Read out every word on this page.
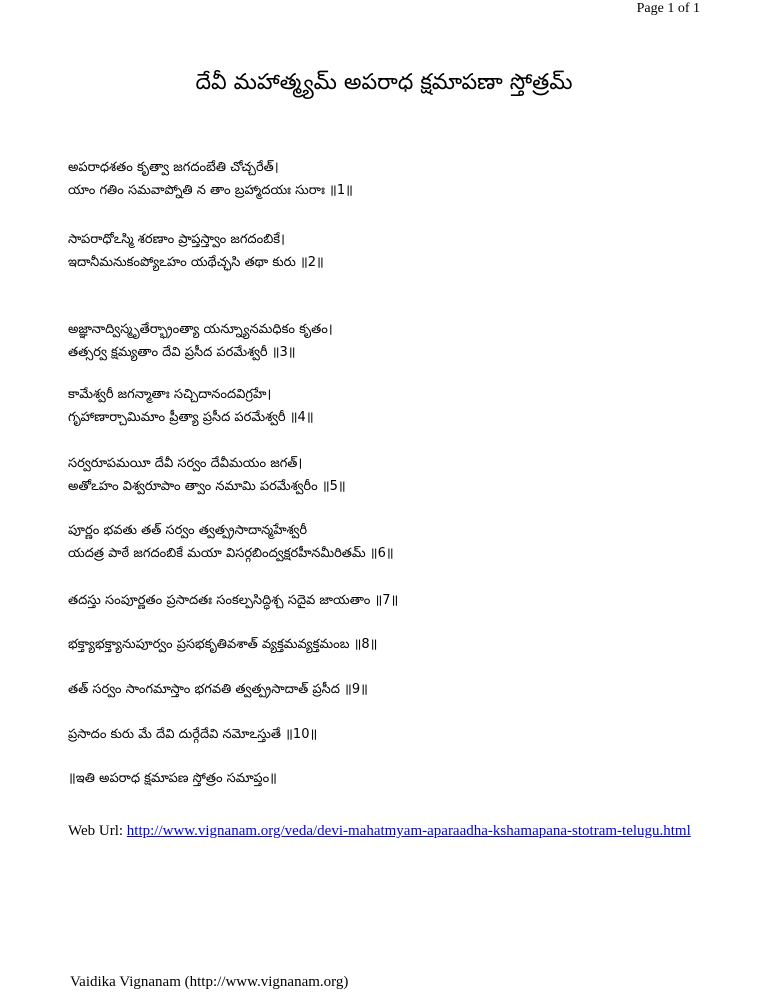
Page 1 of 1
దేవీ మహాత్మ్యమ్ అపరాధ క్షమాపణా స్తోత్రమ్
అపరాధశతం కృత్వా జగదంబేతి చోచ్చరేత్।
యాం గతిం సమవాప్నోతి న తాం బ్రహ్మాదయః సురాః ॥1॥
సాపరాధోఽస్మి శరణాం ప్రాప్తస్త్వాం జగదంబికే।
ఇదానీమనుకంప్యోఽహం యథేచ్ఛసి తథా కురు ॥2॥
అజ్ఞానాద్విస్మృతేర్భ్రాంత్యా యన్న్యూనమధికం కృతం।
తత్సర్వ క్షమ్యతాం దేవి ప్రసీద పరమేశ్వరీ ॥3॥
కామేశ్వరీ జగన్మాతాః సచ్చిదానందవిగ్రహే।
గృహాణార్చామిమాం ప్రీత్యా ప్రసీద పరమేశ్వరీ ॥4॥
సర్వరూపమయీ దేవీ సర్వం దేవీమయం జగత్।
అతోఽహం విశ్వరూపాం త్వాం నమామి పరమేశ్వరీం ॥5॥
పూర్ణం భవతు తత్ సర్వం త్వత్ప్రసాదాన్మహేశ్వరీ
యదత్ర పాఠే జగదంబికే మయా విసర్గబింద్వక్షరహీనమీరితమ్ ॥6॥
తదస్తు సంపూర్ణతం ప్రసాదతః సంకల్పసిద్ధిశ్చ సదైవ జాయతాం ॥7॥
భక్త్యాభక్త్యానుపూర్వం ప్రసభకృతివశాత్ వ్యక్తమవ్యక్తమంబ ॥8॥
తత్ సర్వం సాంగమాస్తాం భగవతి త్వత్ప్రసాదాత్ ప్రసీద ॥9॥
ప్రసాదం కురు మే దేవి దుర్గేదేవి నమోఽస్తుతే ॥10॥
॥ఇతి అపరాధ క్షమాపణ స్తోత్రం సమాప్తం॥
Web Url: http://www.vignanam.org/veda/devi-mahatmyam-aparaadha-kshamapana-stotram-telugu.html
Vaidika Vignanam (http://www.vignanam.org)
